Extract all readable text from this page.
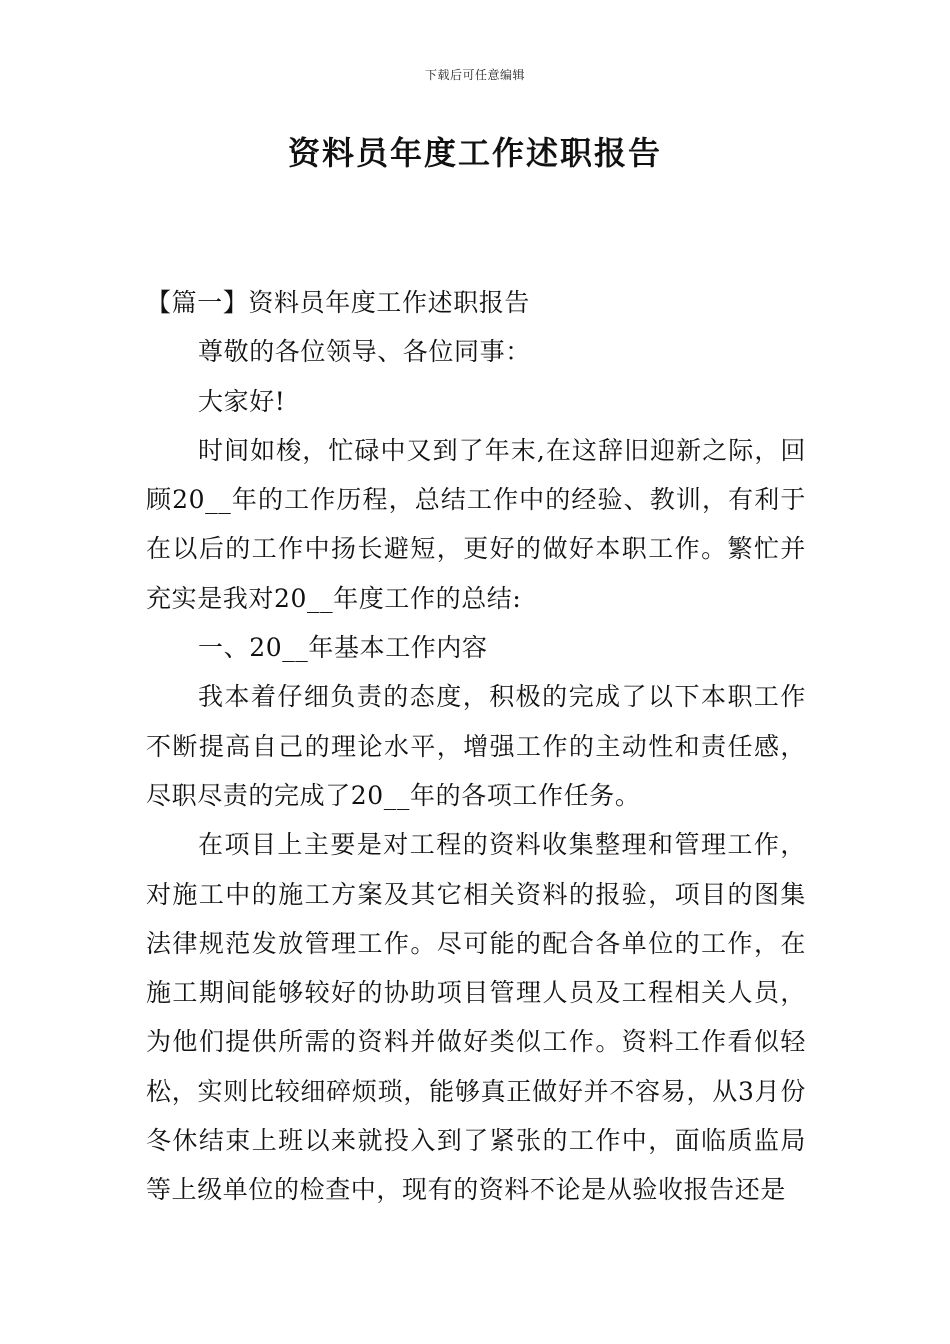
下载后可任意编辑
资料员年度工作述职报告

【篇一】资料员年度工作述职报告

尊敬的各位领导、各位同事：

大家好!

时间如梭，忙碌中又到了年末,在这辞旧迎新之际，回顾20__年的工作历程，总结工作中的经验、教训，有利于在以后的工作中扬长避短，更好的做好本职工作。繁忙并充实是我对20__年度工作的总结:

一、20__年基本工作内容

我本着仔细负责的态度，积极的完成了以下本职工作不断提高自己的理论水平，增强工作的主动性和责任感，尽职尽责的完成了20__年的各项工作任务。

在项目上主要是对工程的资料收集整理和管理工作，对施工中的施工方案及其它相关资料的报验，项目的图集法律规范发放管理工作。尽可能的配合各单位的工作，在施工期间能够较好的协助项目管理人员及工程相关人员，为他们提供所需的资料并做好类似工作。资料工作看似轻松，实则比较细碎烦琐，能够真正做好并不容易，从3月份冬休结束上班以来就投入到了紧张的工作中，面临质监局等上级单位的检查中，现有的资料不论是从验收报告还是
